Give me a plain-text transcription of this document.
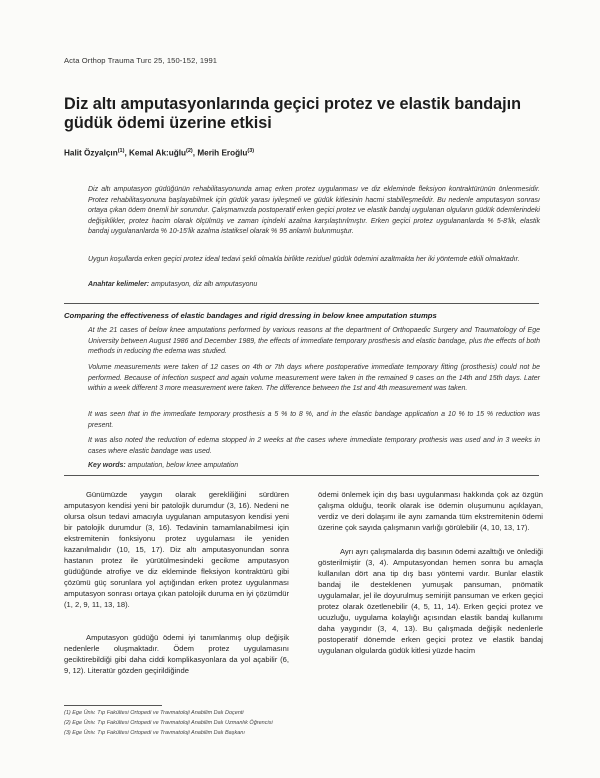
Acta Orthop Trauma Turc 25, 150-152, 1991
Diz altı amputasyonlarında geçici protez ve elastik bandajın güdük ödemi üzerine etkisi
Halit Özyalçın$^{(1)}$, Kemal Ak:uğlu$^{(2)}$, Merih Eroğlu$^{(3)}$

Diz altı amputasyon güdüğünün rehabilitasyonunda amaç erken protez uygulanması ve diz ekleminde fleksiyon kontraktürünün önlenmesidir. Protez rehabilitasyonuna başlayabilmek için güdük yarası iyileşmeli ve güdük kitlesinin hacmi stabilleşmelidir. Bu nedenle amputasyon sonrası ortaya çıkan ödem önemli bir sorundur. Çalışmamızda postoperatif erken geçici protez ve elastik bandaj uygulanan olguların güdük ödemlerindeki değişiklikler, protez hacim olarak ölçülmüş ve zaman içindeki azalma karşılaştırılmıştır. Erken geçici protez uygulananlarda % 5-8'lik, elastik bandaj uygulananlarda % 10-15'lik azalma istatiksel olarak % 95 anlamlı bulunmuştur.

Uygun koşullarda erken geçici protez ideal tedavi şekli olmakla birlikte reziduel güdük ödemini azaltmakta her iki yöntemde etkili olmaktadır.

Anahtar kelimeler: amputasyon, diz altı amputasyonu
Comparing the effectiveness of elastic bandages and rigid dressing in below knee amputation stumps

At the 21 cases of below knee amputations performed by various reasons at the department of Orthopaedic Surgery and Traumatology of Ege University between August 1986 and December 1989, the effects of immediate temporary prosthesis and elastic bandage, plus the effects of both methods in reducing the edema was studied.

Volume measurements were taken of 12 cases on 4th or 7th days where postoperative immediate temporary fitting (prosthesis) could not be performed. Because of infection suspect and again volume measurement were taken in the remained 9 cases on the 14th and 15th days. Later within a week different 3 more measurement were taken. The difference between the 1st and 4th measurement was taken.

It was seen that in the immediate temporary prosthesis a 5 % to 8 %, and in the elastic bandage application a 10 % to 15 % reduction was present.

It was also noted the reduction of edema stopped in 2 weeks at the cases where immediate temporary prothesis was used and in 3 weeks in cases where elastic bandage was used.

Key words: amputation, below knee amputation

Günümüzde yaygın olarak gerekliliğini sürdüren amputasyon kendisi yeni bir patolojik durumdur (3, 16). Nedeni ne olursa olsun tedavi amacıyla uygulanan amputasyon kendisi yeni bir patolojik durumdur (3, 16). Tedavinin tamamlanabilmesi için ekstremitenin fonksiyonu protez uygulaması ile yeniden kazanılmalıdır (10, 15, 17). Diz altı amputasyonundan sonra hastanın protez ile yürütülmesindeki gecikme amputasyon güdüğünde atrofiye ve diz ekleminde fleksiyon kontraktürü gibi çözümü güç sorunlara yol açtığından erken protez uygulanması amputasyon sonrası ortaya çıkan patolojik duruma en iyi çözümdür (1, 2, 9, 11, 13, 18).

Amputasyon güdüğü ödemi iyi tanımlanmış olup değişik nedenlerle oluşmaktadır. Ödem protez uygulamasını geciktirebildiği gibi daha ciddi komplikasyonlara da yol açabilir (6, 9, 12). Literatür gözden geçirildiğinde

ödemi önlemek için dış bası uygulanması hakkında çok az özgün çalışma olduğu, teorik olarak ise ödemin oluşumunu açıklayan, verdiz ve deri dolaşımı ile aynı zamanda tüm ekstremitenin ödemi üzerine çok sayıda çalışmanın varlığı görülebilir (4, 10, 13, 17).

Ayrı ayrı çalışmalarda dış basının ödemi azalttığı ve önlediği gösterilmiştir (3, 4). Amputasyondan hemen sonra bu amaçla kullanılan dört ana tip dış bası yöntemi vardır. Bunlar elastik bandaj ile desteklenen yumuşak pansuman, pnömatik uygulamalar, jel ile doyurulmuş semirijit pansuman ve erken geçici protez olarak özetlenebilir (4, 5, 11, 14). Erken geçici protez ve ucuzluğu, uygulama kolaylığı açısından elastik bandaj kullanımı daha yaygındır (3, 4, 13). Bu çalışmada değişik nedenlerle postoperatif dönemde erken geçici protez ve elastik bandaj uygulanan olgularda güdük kitlesi yüzde hacim

(1) Ege Üniv. Tıp Fakültesi Ortopedi ve Travmatoloji Anabilim Dalı Doçenti
(2) Ege Üniv. Tıp Fakültesi Ortopedi ve Travmatoloji Anabilim Dalı Uzmanlık Öğrencisi
(3) Ege Üniv. Tıp Fakültesi Ortopedi ve Travmatoloji Anabilim Dalı Başkanı
